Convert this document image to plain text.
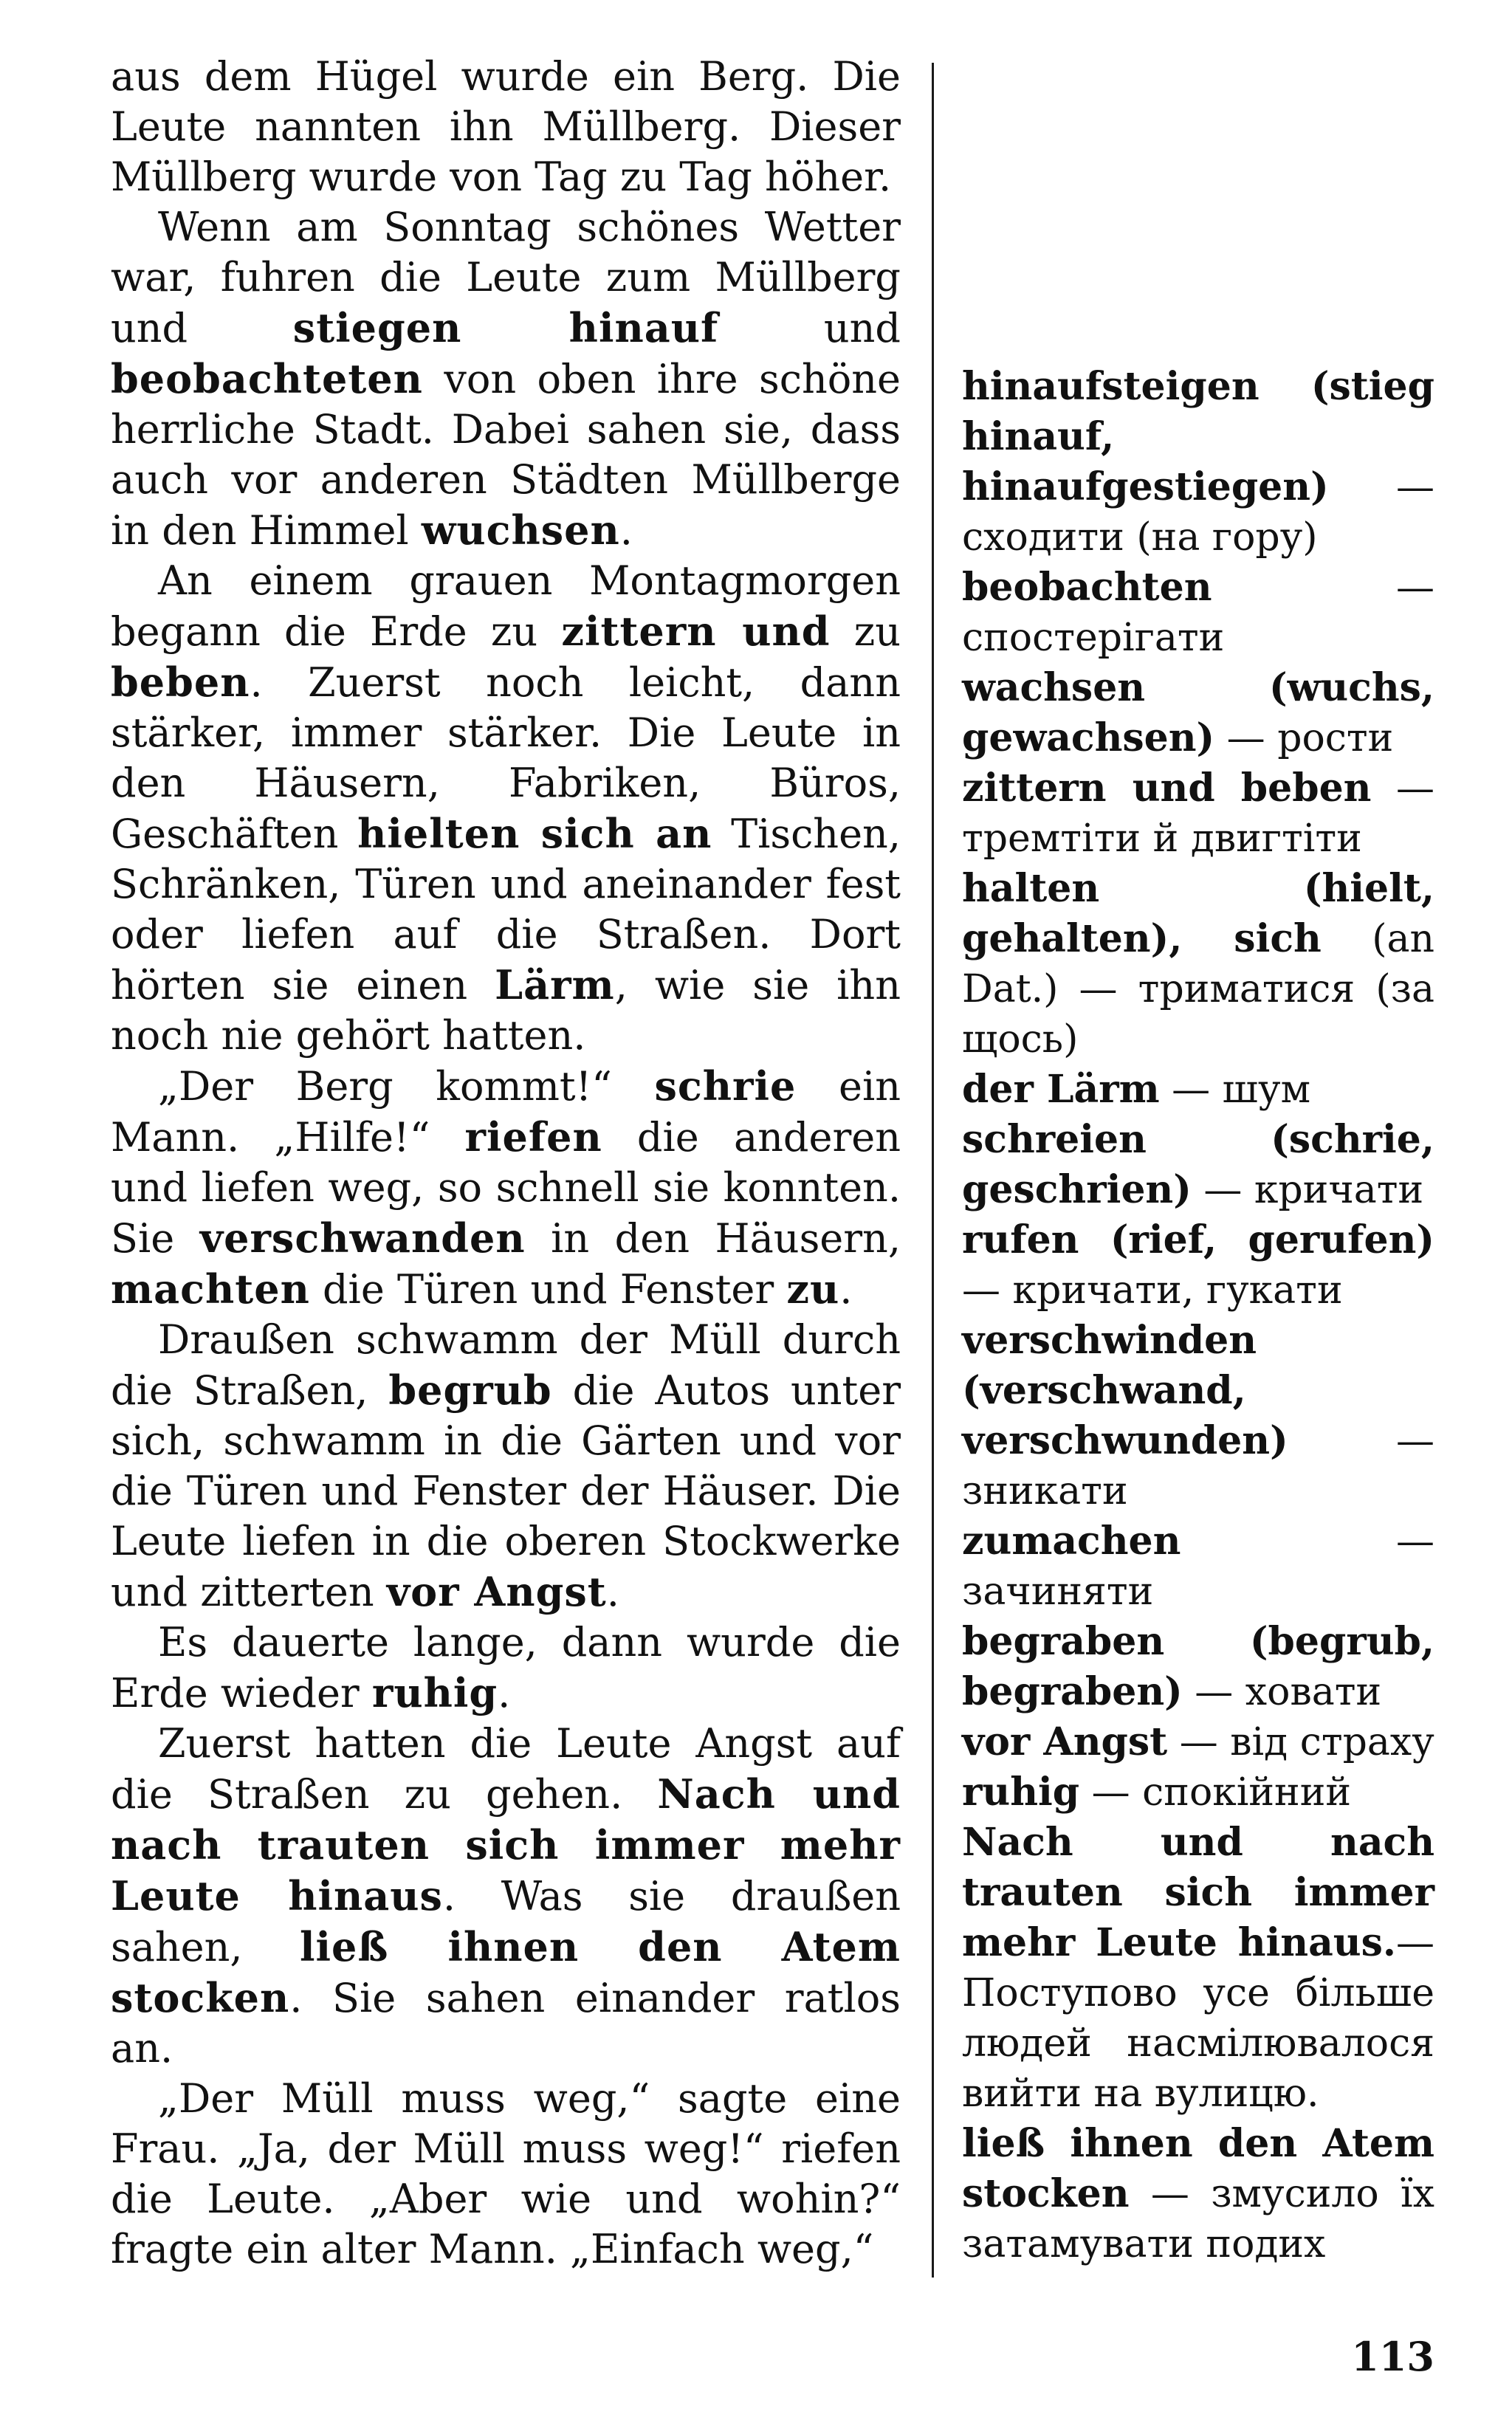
aus dem Hügel wurde ein Berg. Die Leute nannten ihn Müllberg. Dieser Müllberg wurde von Tag zu Tag höher.

Wenn am Sonntag schönes Wetter war, fuhren die Leute zum Müllberg und stiegen hinauf und beobachteten von oben ihre schöne herrliche Stadt. Dabei sahen sie, dass auch vor anderen Städten Müllberge in den Himmel wuchsen.

An einem grauen Montagmorgen begann die Erde zu zittern und zu beben. Zuerst noch leicht, dann stärker, immer stärker. Die Leute in den Häusern, Fabriken, Büros, Geschäften hielten sich an Tischen, Schränken, Türen und aneinander fest oder liefen auf die Straßen. Dort hörten sie einen Lärm, wie sie ihn noch nie gehört hatten.

„Der Berg kommt!“ schrie ein Mann. „Hilfe!“ riefen die anderen und liefen weg, so schnell sie konnten. Sie verschwanden in den Häusern, machten die Türen und Fenster zu.

Draußen schwamm der Müll durch die Straßen, begrub die Autos unter sich, schwamm in die Gärten und vor die Türen und Fenster der Häuser. Die Leute liefen in die oberen Stockwerke und zitterten vor Angst.

Es dauerte lange, dann wurde die Erde wieder ruhig.

Zuerst hatten die Leute Angst auf die Straßen zu gehen. Nach und nach trauten sich immer mehr Leute hinaus. Was sie draußen sahen, ließ ihnen den Atem stocken. Sie sahen einander ratlos an.

„Der Müll muss weg,“ sagte eine Frau. „Ja, der Müll muss weg!“ riefen die Leute. „Aber wie und wohin?“ fragte ein alter Mann. „Einfach weg,“

hinaufsteigen (stieg hinauf, hinaufgestiegen) — сходити (на гору)

beobachten — спостерігати

wachsen (wuchs, gewachsen) — рости

zittern und beben — тремтіти й двигтіти

halten (hielt, gehalten), sich (an Dat.) — триматися (за щось)

der Lärm — шум

schreien (schrie, geschrien) — кричати

rufen (rief, gerufen) — кричати, гукати

verschwinden (verschwand, verschwunden) — зникати

zumachen — зачиняти

begraben (begrub, begraben) — ховати

vor Angst — від страху

ruhig — спокійний

Nach und nach trauten sich immer mehr Leute hinaus.— Поступово усе більше людей насмілювалося вийти на вулицю.

ließ ihnen den Atem stocken — змусило їх затамувати подих

113
